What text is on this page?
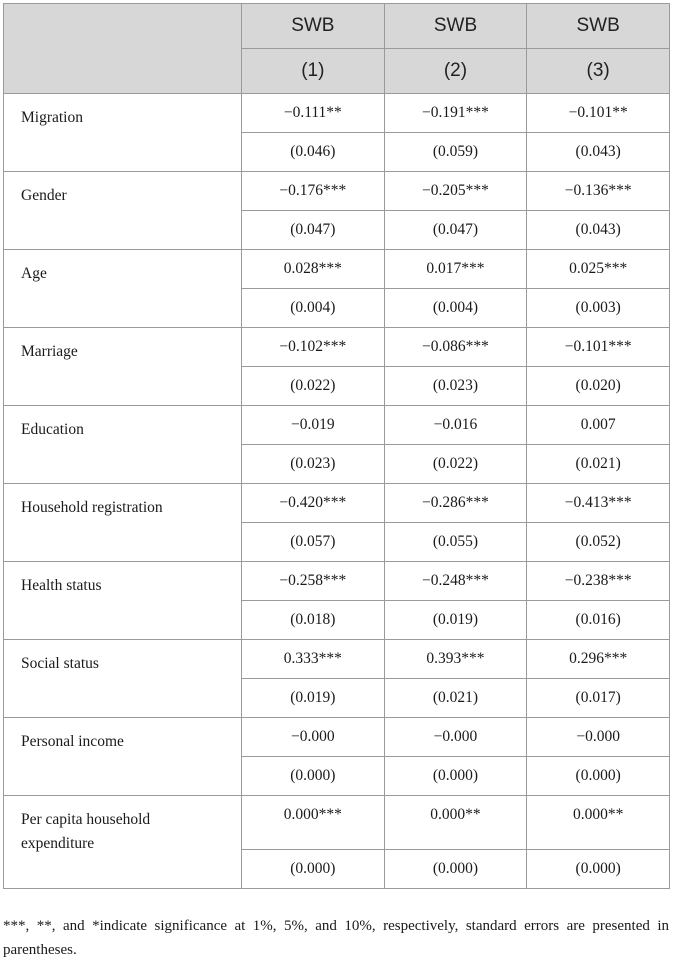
	SWB	SWB	SWB
	(1)	(2)	(3)
Migration	−0.111**	−0.191***	−0.101**
	(0.046)	(0.059)	(0.043)
Gender	−0.176***	−0.205***	−0.136***
	(0.047)	(0.047)	(0.043)
Age	0.028***	0.017***	0.025***
	(0.004)	(0.004)	(0.003)
Marriage	−0.102***	−0.086***	−0.101***
	(0.022)	(0.023)	(0.020)
Education	−0.019	−0.016	0.007
	(0.023)	(0.022)	(0.021)
Household registration	−0.420***	−0.286***	−0.413***
	(0.057)	(0.055)	(0.052)
Health status	−0.258***	−0.248***	−0.238***
	(0.018)	(0.019)	(0.016)
Social status	0.333***	0.393***	0.296***
	(0.019)	(0.021)	(0.017)
Personal income	−0.000	−0.000	−0.000
	(0.000)	(0.000)	(0.000)
Per capita household expenditure	0.000***	0.000**	0.000**
	(0.000)	(0.000)	(0.000)
***, **, and *indicate significance at 1%, 5%, and 10%, respectively, standard errors are presented in parentheses.
